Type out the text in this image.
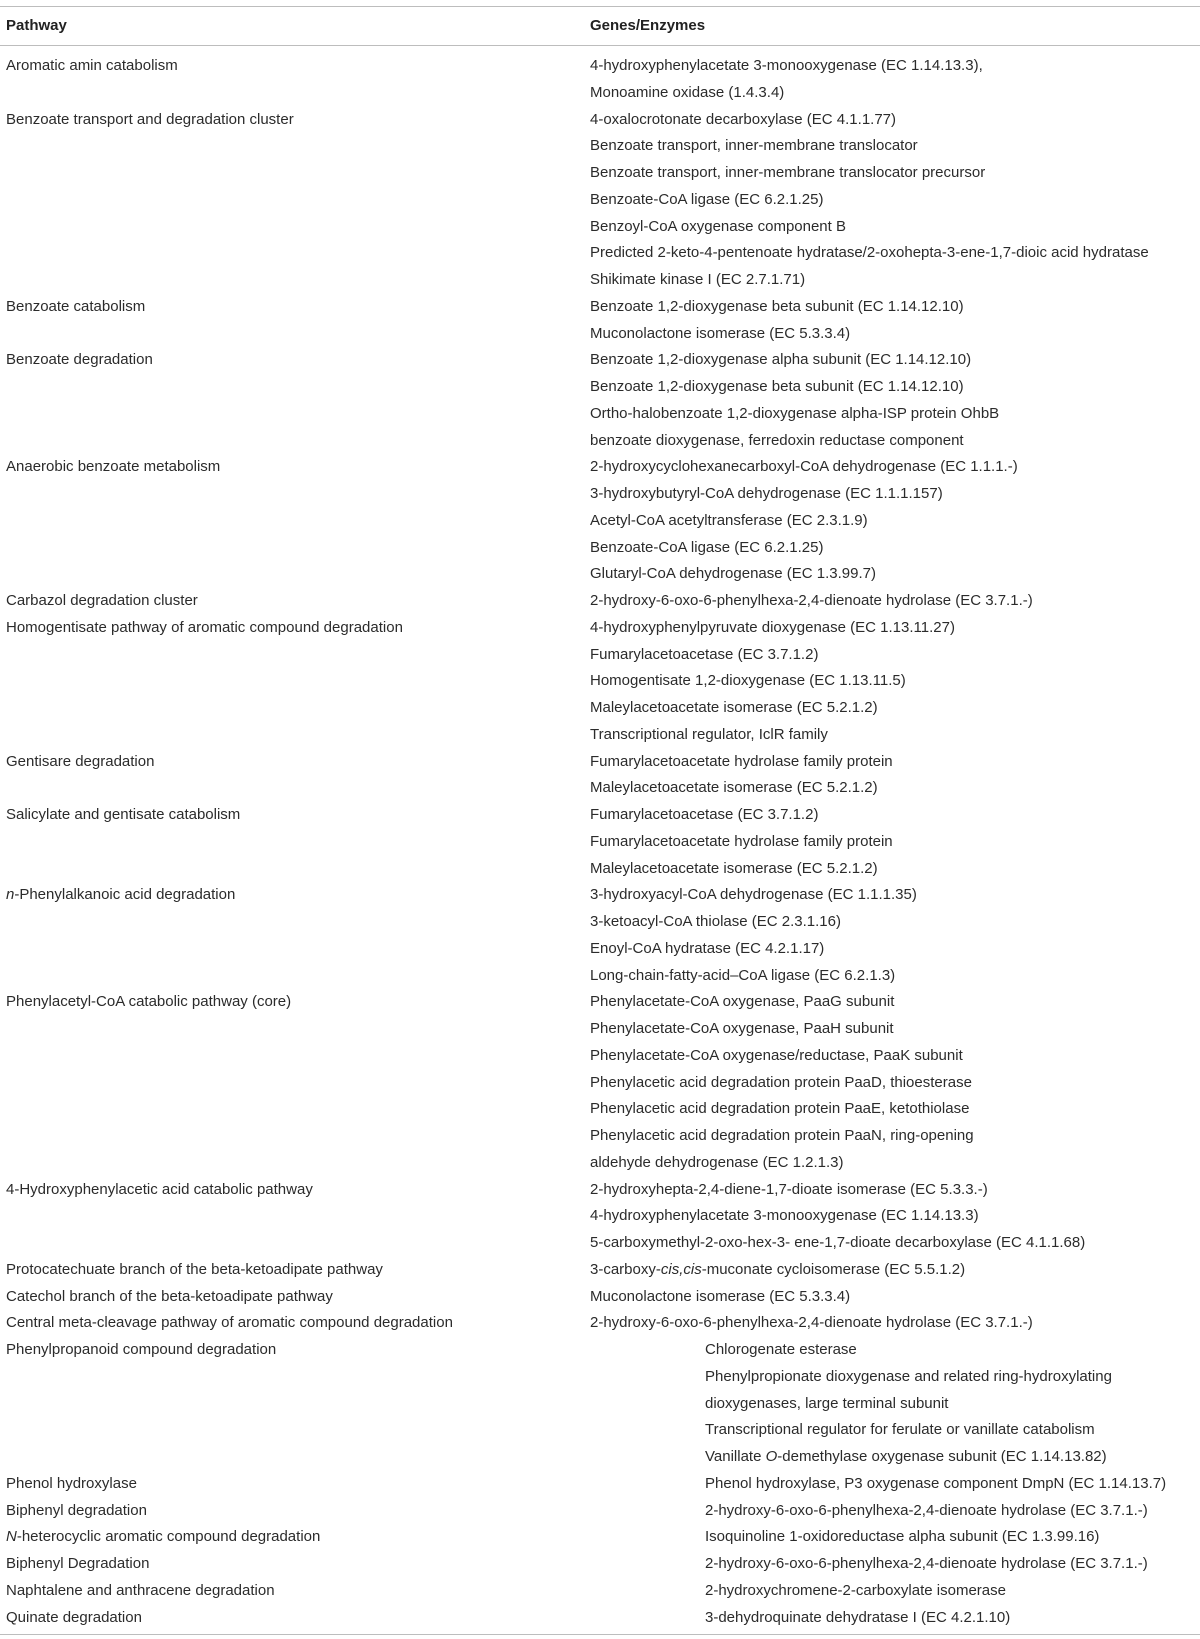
Pathway	Genes/Enzymes
Aromatic amin catabolism	4-hydroxyphenylacetate 3-monooxygenase (EC 1.14.13.3),
Monoamine oxidase (1.4.3.4)
Benzoate transport and degradation cluster	4-oxalocrotonate decarboxylase (EC 4.1.1.77)
Benzoate transport, inner-membrane translocator
Benzoate transport, inner-membrane translocator precursor
Benzoate-CoA ligase (EC 6.2.1.25)
Benzoyl-CoA oxygenase component B
Predicted 2-keto-4-pentenoate hydratase/2-oxohepta-3-ene-1,7-dioic acid hydratase
Shikimate kinase I (EC 2.7.1.71)
Benzoate catabolism	Benzoate 1,2-dioxygenase beta subunit (EC 1.14.12.10)
Muconolactone isomerase (EC 5.3.3.4)
Benzoate degradation	Benzoate 1,2-dioxygenase alpha subunit (EC 1.14.12.10)
Benzoate 1,2-dioxygenase beta subunit (EC 1.14.12.10)
Ortho-halobenzoate 1,2-dioxygenase alpha-ISP protein OhbB
benzoate dioxygenase, ferredoxin reductase component
Anaerobic benzoate metabolism	2-hydroxycyclohexanecarboxyl-CoA dehydrogenase (EC 1.1.1.-)
3-hydroxybutyryl-CoA dehydrogenase (EC 1.1.1.157)
Acetyl-CoA acetyltransferase (EC 2.3.1.9)
Benzoate-CoA ligase (EC 6.2.1.25)
Glutaryl-CoA dehydrogenase (EC 1.3.99.7)
Carbazol degradation cluster	2-hydroxy-6-oxo-6-phenylhexa-2,4-dienoate hydrolase (EC 3.7.1.-)
Homogentisate pathway of aromatic compound degradation	4-hydroxyphenylpyruvate dioxygenase (EC 1.13.11.27)
Fumarylacetoacetase (EC 3.7.1.2)
Homogentisate 1,2-dioxygenase (EC 1.13.11.5)
Maleylacetoacetate isomerase (EC 5.2.1.2)
Transcriptional regulator, IclR family
Gentisare degradation	Fumarylacetoacetate hydrolase family protein
Maleylacetoacetate isomerase (EC 5.2.1.2)
Salicylate and gentisate catabolism	Fumarylacetoacetase (EC 3.7.1.2)
Fumarylacetoacetate hydrolase family protein
Maleylacetoacetate isomerase (EC 5.2.1.2)
n-Phenylalkanoic acid degradation	3-hydroxyacyl-CoA dehydrogenase (EC 1.1.1.35)
3-ketoacyl-CoA thiolase (EC 2.3.1.16)
Enoyl-CoA hydratase (EC 4.2.1.17)
Long-chain-fatty-acid–CoA ligase (EC 6.2.1.3)
Phenylacetyl-CoA catabolic pathway (core)	Phenylacetate-CoA oxygenase, PaaG subunit
Phenylacetate-CoA oxygenase, PaaH subunit
Phenylacetate-CoA oxygenase/reductase, PaaK subunit
Phenylacetic acid degradation protein PaaD, thioesterase
Phenylacetic acid degradation protein PaaE, ketothiolase
Phenylacetic acid degradation protein PaaN, ring-opening
aldehyde dehydrogenase (EC 1.2.1.3)
4-Hydroxyphenylacetic acid catabolic pathway	2-hydroxyhepta-2,4-diene-1,7-dioate isomerase (EC 5.3.3.-)
4-hydroxyphenylacetate 3-monooxygenase (EC 1.14.13.3)
5-carboxymethyl-2-oxo-hex-3- ene-1,7-dioate decarboxylase (EC 4.1.1.68)
Protocatechuate branch of the beta-ketoadipate pathway	3-carboxy-cis,cis-muconate cycloisomerase (EC 5.5.1.2)
Catechol branch of the beta-ketoadipate pathway	Muconolactone isomerase (EC 5.3.3.4)
Central meta-cleavage pathway of aromatic compound degradation	2-hydroxy-6-oxo-6-phenylhexa-2,4-dienoate hydrolase (EC 3.7.1.-)
Phenylpropanoid compound degradation	Chlorogenate esterase
Phenylpropionate dioxygenase and related ring-hydroxylating
dioxygenases, large terminal subunit
Transcriptional regulator for ferulate or vanillate catabolism
Vanillate O-demethylase oxygenase subunit (EC 1.14.13.82)
Phenol hydroxylase	Phenol hydroxylase, P3 oxygenase component DmpN (EC 1.14.13.7)
Biphenyl degradation	2-hydroxy-6-oxo-6-phenylhexa-2,4-dienoate hydrolase (EC 3.7.1.-)
N-heterocyclic aromatic compound degradation	Isoquinoline 1-oxidoreductase alpha subunit (EC 1.3.99.16)
Biphenyl Degradation	2-hydroxy-6-oxo-6-phenylhexa-2,4-dienoate hydrolase (EC 3.7.1.-)
Naphtalene and anthracene degradation	2-hydroxychromene-2-carboxylate isomerase
Quinate degradation	3-dehydroquinate dehydratase I (EC 4.2.1.10)
